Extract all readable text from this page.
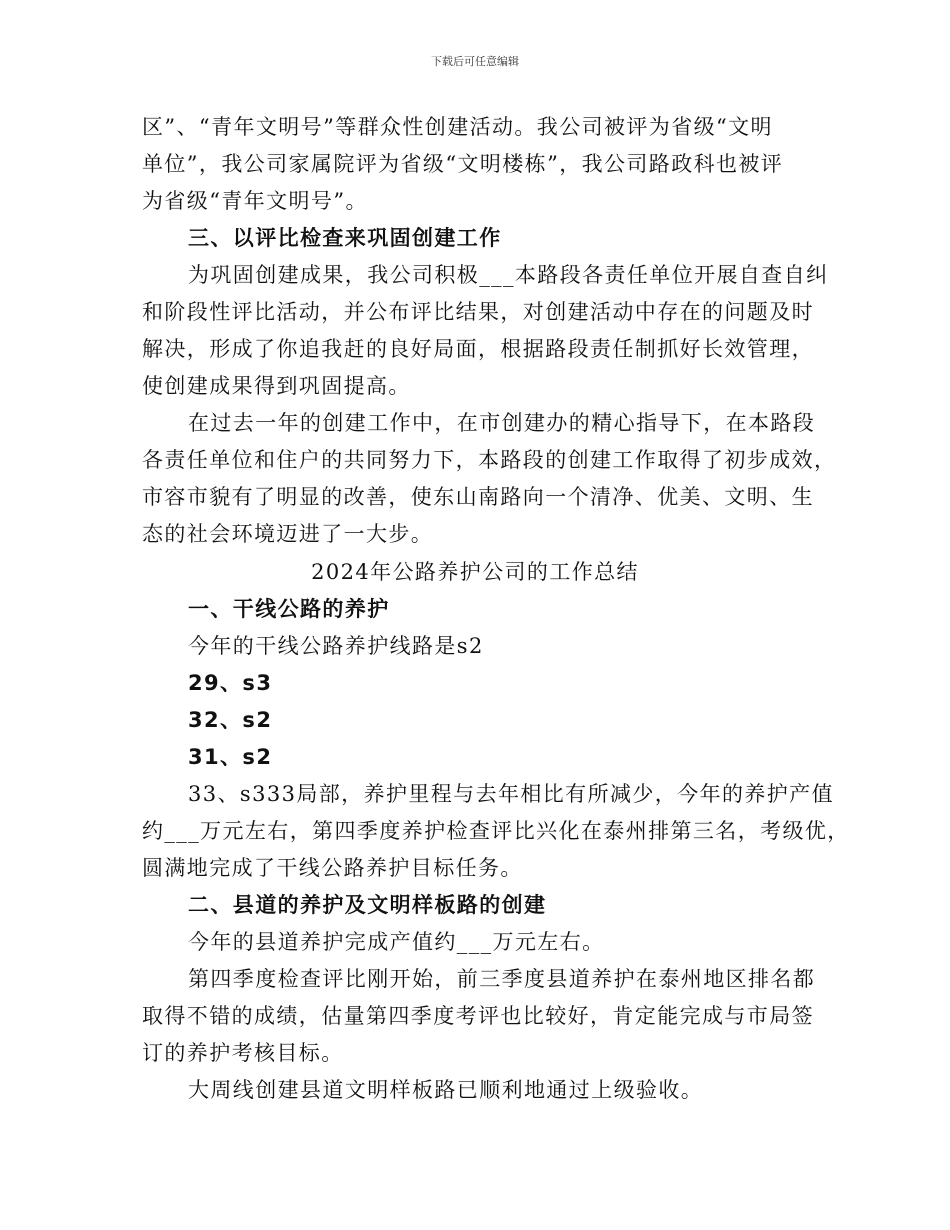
下载后可任意编辑
区”、“青年文明号”等群众性创建活动。我公司被评为省级“文明
单位”，我公司家属院评为省级“文明楼栋”，我公司路政科也被评
为省级“青年文明号”。
三、以评比检查来巩固创建工作
为巩固创建成果，我公司积极___本路段各责任单位开展自查自纠
和阶段性评比活动，并公布评比结果，对创建活动中存在的问题及时
解决，形成了你追我赶的良好局面，根据路段责任制抓好长效管理，
使创建成果得到巩固提高。
在过去一年的创建工作中，在市创建办的精心指导下，在本路段
各责任单位和住户的共同努力下，本路段的创建工作取得了初步成效，
市容市貌有了明显的改善，使东山南路向一个清净、优美、文明、生
态的社会环境迈进了一大步。
2024年公路养护公司的工作总结
一、干线公路的养护
今年的干线公路养护线路是s2
29、s3
32、s2
31、s2
33、s333局部，养护里程与去年相比有所减少，今年的养护产值
约___万元左右，第四季度养护检查评比兴化在泰州排第三名，考级优，
圆满地完成了干线公路养护目标任务。
二、县道的养护及文明样板路的创建
今年的县道养护完成产值约___万元左右。
第四季度检查评比刚开始，前三季度县道养护在泰州地区排名都
取得不错的成绩，估量第四季度考评也比较好，肯定能完成与市局签
订的养护考核目标。
大周线创建县道文明样板路已顺利地通过上级验收。
